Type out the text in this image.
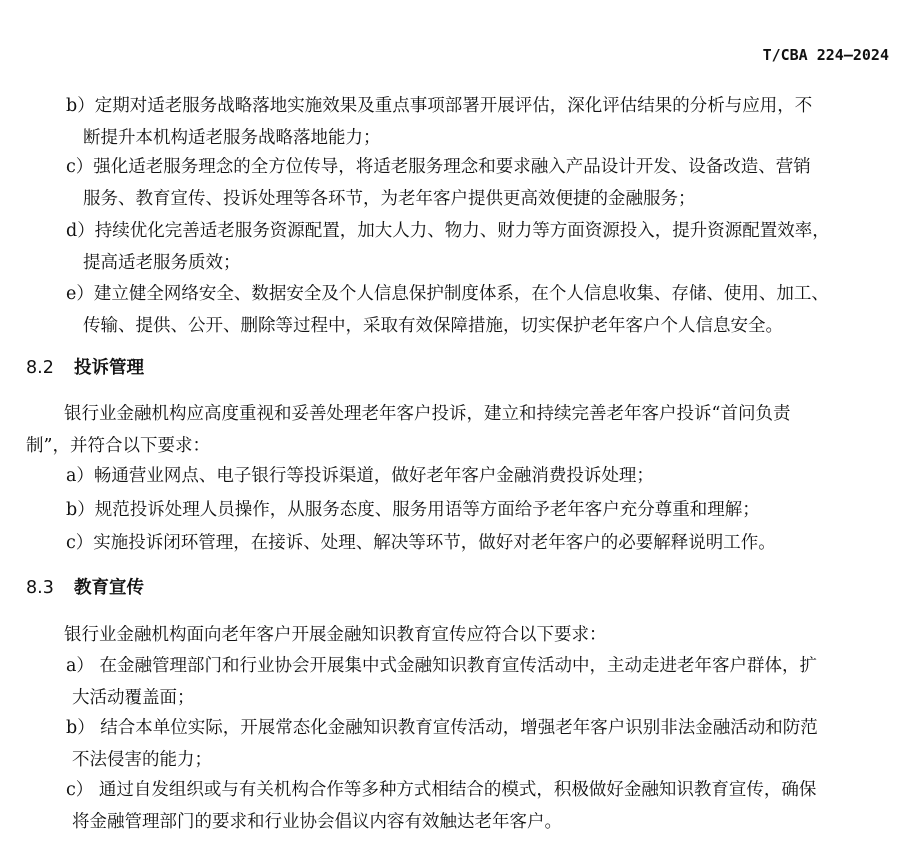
T/CBA 224—2024
b）定期对适老服务战略落地实施效果及重点事项部署开展评估，深化评估结果的分析与应用，不
断提升本机构适老服务战略落地能力；
c）强化适老服务理念的全方位传导，将适老服务理念和要求融入产品设计开发、设备改造、营销
服务、教育宣传、投诉处理等各环节，为老年客户提供更高效便捷的金融服务；
d）持续优化完善适老服务资源配置，加大人力、物力、财力等方面资源投入，提升资源配置效率，
提高适老服务质效；
e）建立健全网络安全、数据安全及个人信息保护制度体系，在个人信息收集、存储、使用、加工、
传输、提供、公开、删除等过程中，采取有效保障措施，切实保护老年客户个人信息安全。
8.2 投诉管理
银行业金融机构应高度重视和妥善处理老年客户投诉，建立和持续完善老年客户投诉“首问负责
制”，并符合以下要求：
a）畅通营业网点、电子银行等投诉渠道，做好老年客户金融消费投诉处理；
b）规范投诉处理人员操作，从服务态度、服务用语等方面给予老年客户充分尊重和理解；
c）实施投诉闭环管理，在接诉、处理、解决等环节，做好对老年客户的必要解释说明工作。
8.3 教育宣传
银行业金融机构面向老年客户开展金融知识教育宣传应符合以下要求：
a） 在金融管理部门和行业协会开展集中式金融知识教育宣传活动中，主动走进老年客户群体，扩
大活动覆盖面；
b） 结合本单位实际，开展常态化金融知识教育宣传活动，增强老年客户识别非法金融活动和防范
不法侵害的能力；
c） 通过自发组织或与有关机构合作等多种方式相结合的模式，积极做好金融知识教育宣传，确保
将金融管理部门的要求和行业协会倡议内容有效触达老年客户。
